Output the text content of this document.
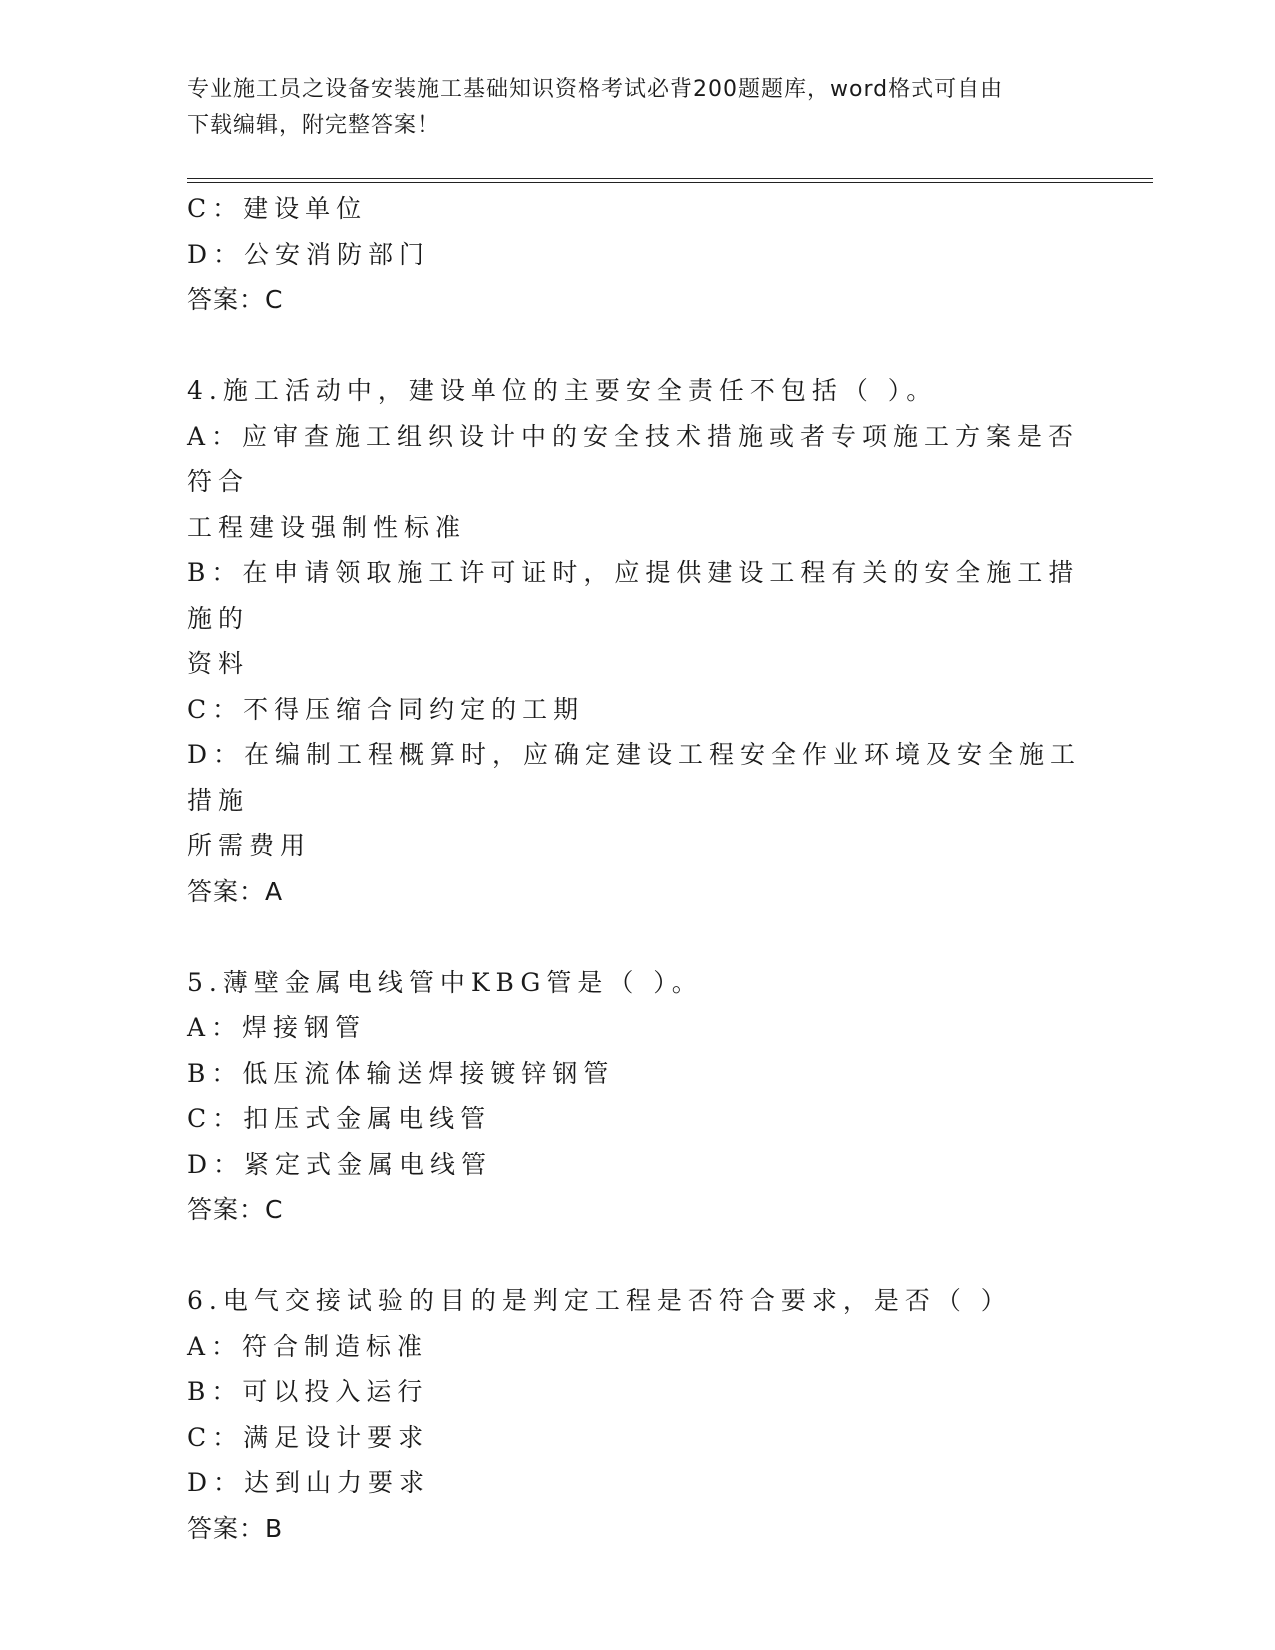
专业施工员之设备安装施工基础知识资格考试必背200题题库，word格式可自由
下载编辑，附完整答案！
C：建设单位
D：公安消防部门
答案：C
4.施工活动中，建设单位的主要安全责任不包括（ ）。
A：应审查施工组织设计中的安全技术措施或者专项施工方案是否符合
工程建设强制性标准
B：在申请领取施工许可证时，应提供建设工程有关的安全施工措施的
资料
C：不得压缩合同约定的工期
D：在编制工程概算时，应确定建设工程安全作业环境及安全施工措施
所需费用
答案：A
5.薄壁金属电线管中KBG管是（ ）。
A：焊接钢管
B：低压流体输送焊接镀锌钢管
C：扣压式金属电线管
D：紧定式金属电线管
答案：C
6.电气交接试验的目的是判定工程是否符合要求，是否（ ）
A：符合制造标准
B：可以投入运行
C：满足设计要求
D：达到山力要求
答案：B
